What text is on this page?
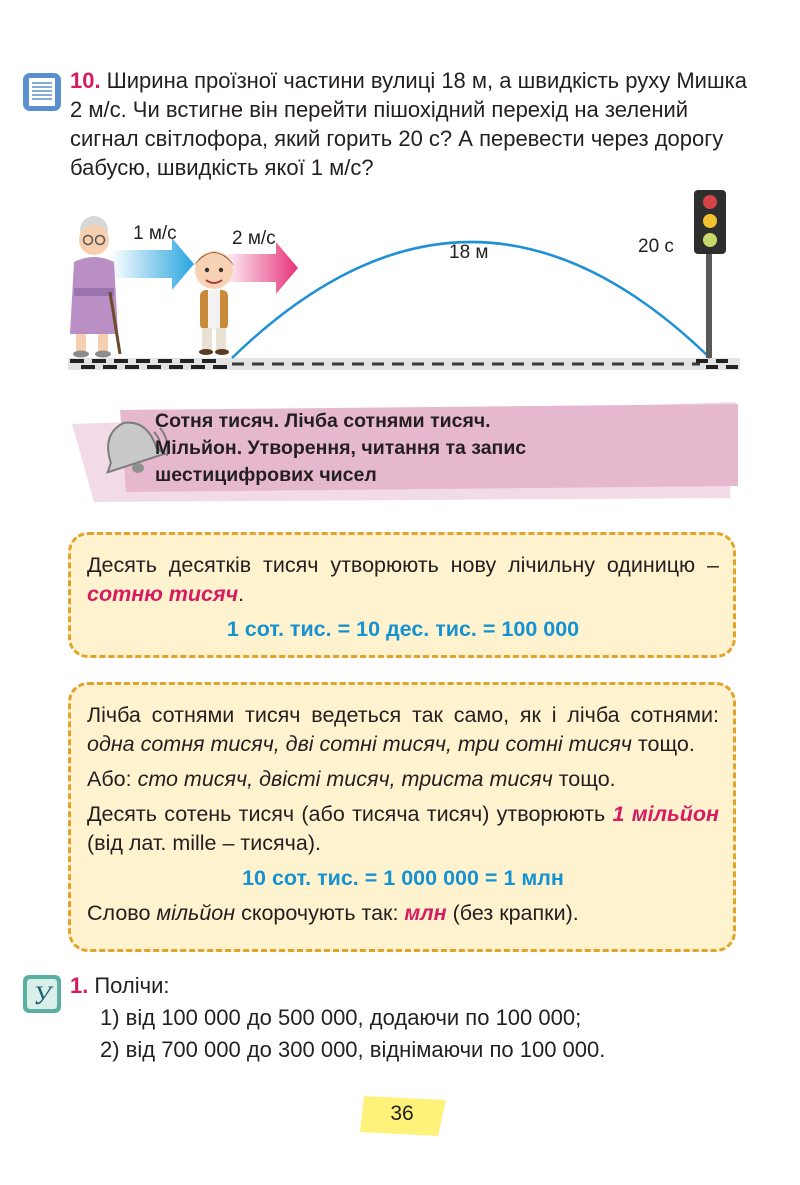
10. Ширина проїзної частини вулиці 18 м, а швидкість руху Мишка 2 м/с. Чи встигне він перейти пішохідний перехід на зелений сигнал світлофора, який горить 20 с? А перевести через дорогу бабусю, швидкість якої 1 м/с?
1 м/с	2 м/с
18 м	20 с
Сотня тисяч. Лічба сотнями тисяч.
Мільйон. Утворення, читання та запис
шестицифрових чисел

Десять десятків тисяч утворюють нову лічильну одиницю – сотню тисяч.

1 сот. тис. = 10 дес. тис. = 100 000

Лічба сотнями тисяч ведеться так само, як і лічба сотнями: одна сотня тисяч, дві сотні тисяч, три сотні тисяч тощо.

Або: сто тисяч, двісті тисяч, триста тисяч тощо.

Десять сотень тисяч (або тисяча тисяч) утворюють 1 мільйон (від лат. mille – тисяча).

10 сот. тис. = 1 000 000 = 1 млн

Слово мільйон скорочують так: млн (без крапки).

У 1. Полічи:
1) від 100 000 до 500 000, додаючи по 100 000;
2) від 700 000 до 300 000, віднімаючи по 100 000.
36
